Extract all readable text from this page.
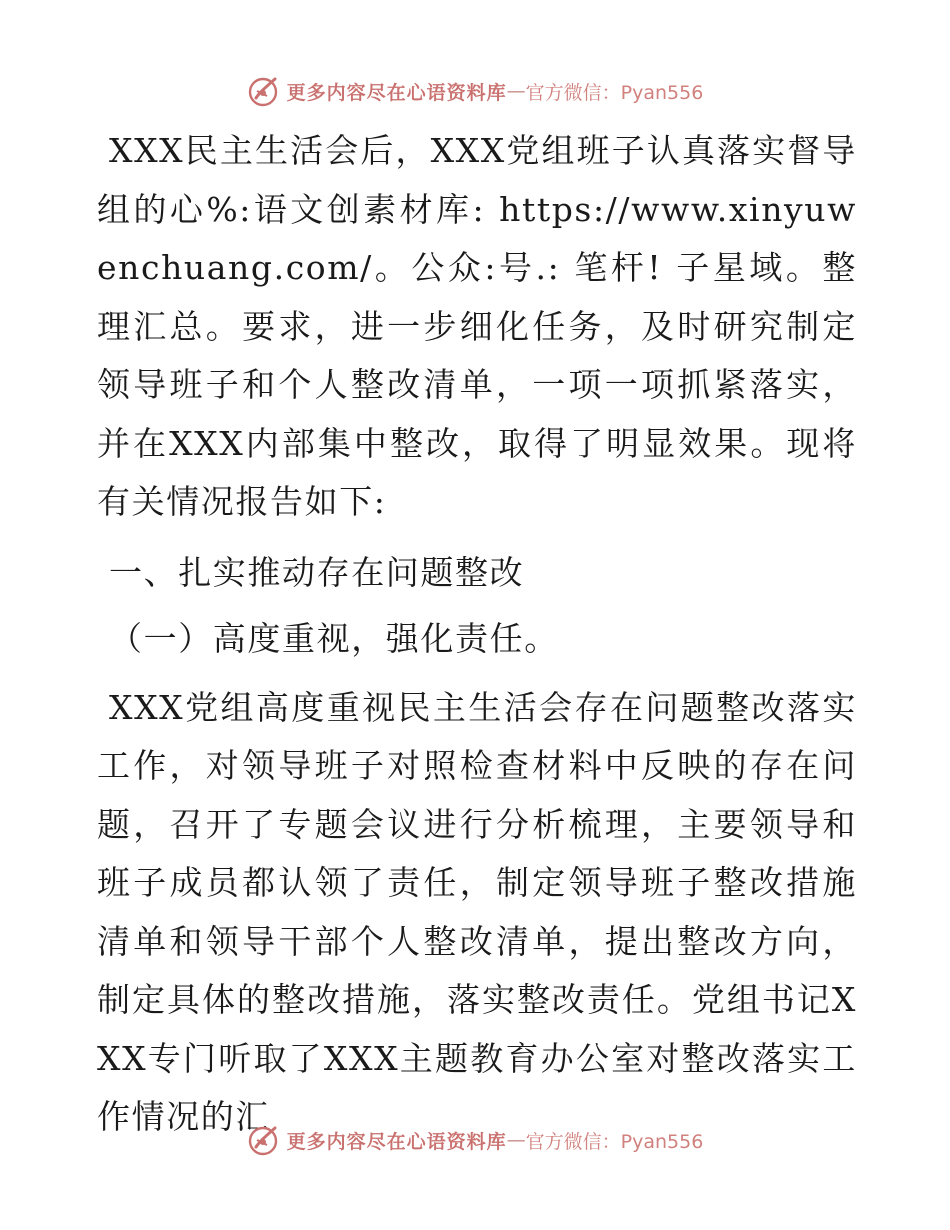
更多内容尽在心语资料库 — 官方微信：Pyan556

XXX民主生活会后，XXX党组班子认真落实督导组的心%:语文创素材库: https://www.xinyuwenchuang.com/。公众:号.: 笔杆! 子星域。整理汇总。要求，进一步细化任务，及时研究制定领导班子和个人整改清单，一项一项抓紧落实，并在XXX内部集中整改，取得了明显效果。现将有关情况报告如下:

一、扎实推动存在问题整改

（一）高度重视，强化责任。

XXX党组高度重视民主生活会存在问题整改落实工作，对领导班子对照检查材料中反映的存在问题，召开了专题会议进行分析梳理，主要领导和班子成员都认领了责任，制定领导班子整改措施清单和领导干部个人整改清单，提出整改方向，制定具体的整改措施，落实整改责任。党组书记XXX专门听取了XXX主题教育办公室对整改落实工作情况的汇

更多内容尽在心语资料库 — 官方微信：Pyan556
